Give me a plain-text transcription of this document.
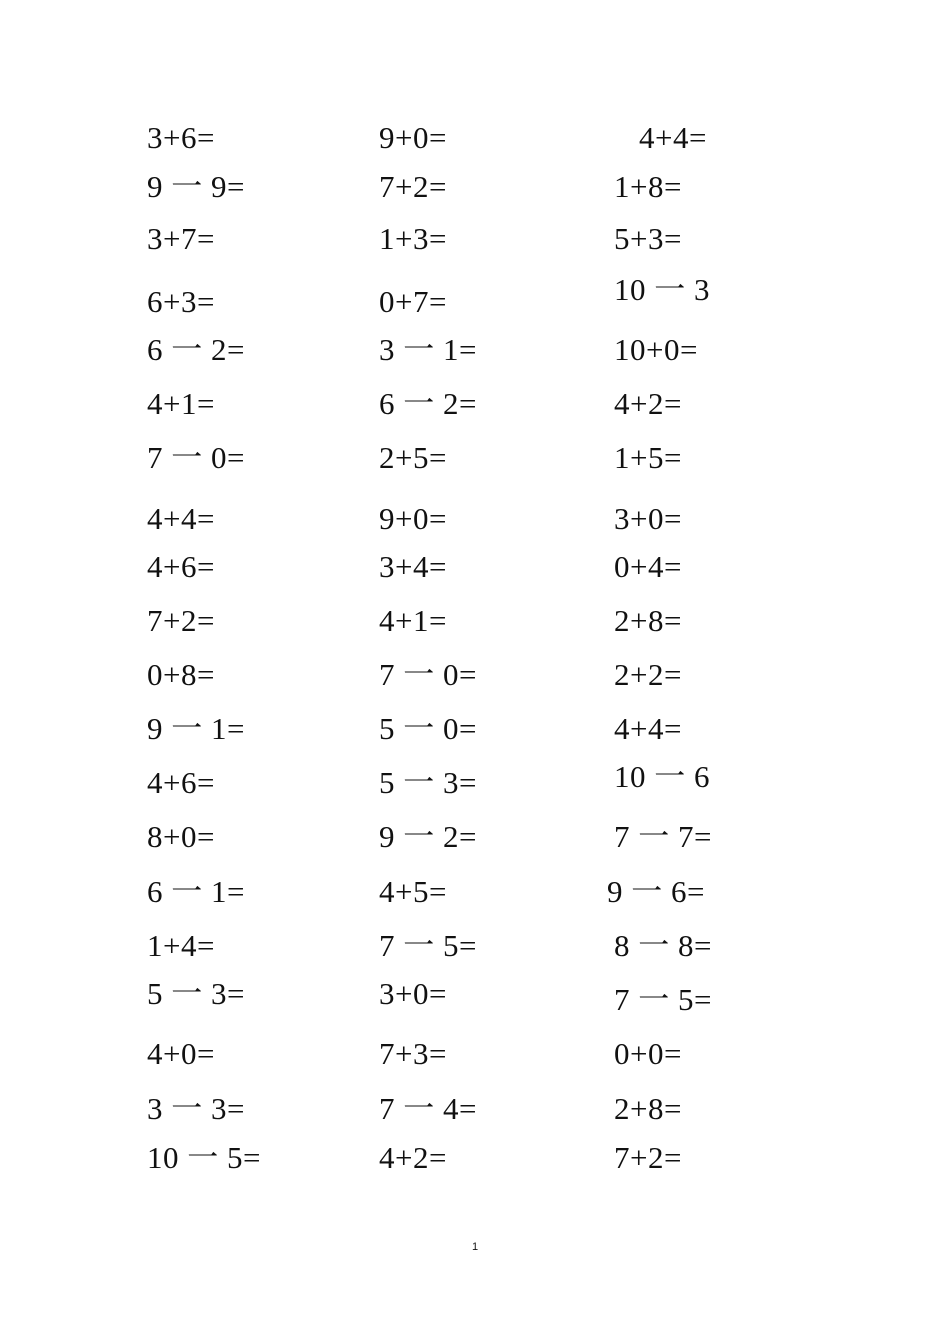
3+6=
9 一 9=
3+7=
6+3=
6 一 2=
4+1=
7 一 0=
4+4=
4+6=
7+2=
0+8=
9 一 1=
4+6=
8+0=
6 一 1=
1+4=
5 一 3=
4+0=
3 一 3=
10 一 5=
9+0=
7+2=
1+3=
0+7=
3 一 1=
6 一 2=
2+5=
9+0=
3+4=
4+1=
7 一 0=
5 一 0=
5 一 3=
9 一 2=
4+5=
7 一 5=
3+0=
7+3=
7 一 4=
4+2=
4+4=
1+8=
5+3=
10 一 3
10+0=
4+2=
1+5=
3+0=
0+4=
2+8=
2+2=
4+4=
10 一 6
7 一 7=
9 一 6=
8 一 8=
7 一 5=
0+0=
2+8=
7+2=
1
